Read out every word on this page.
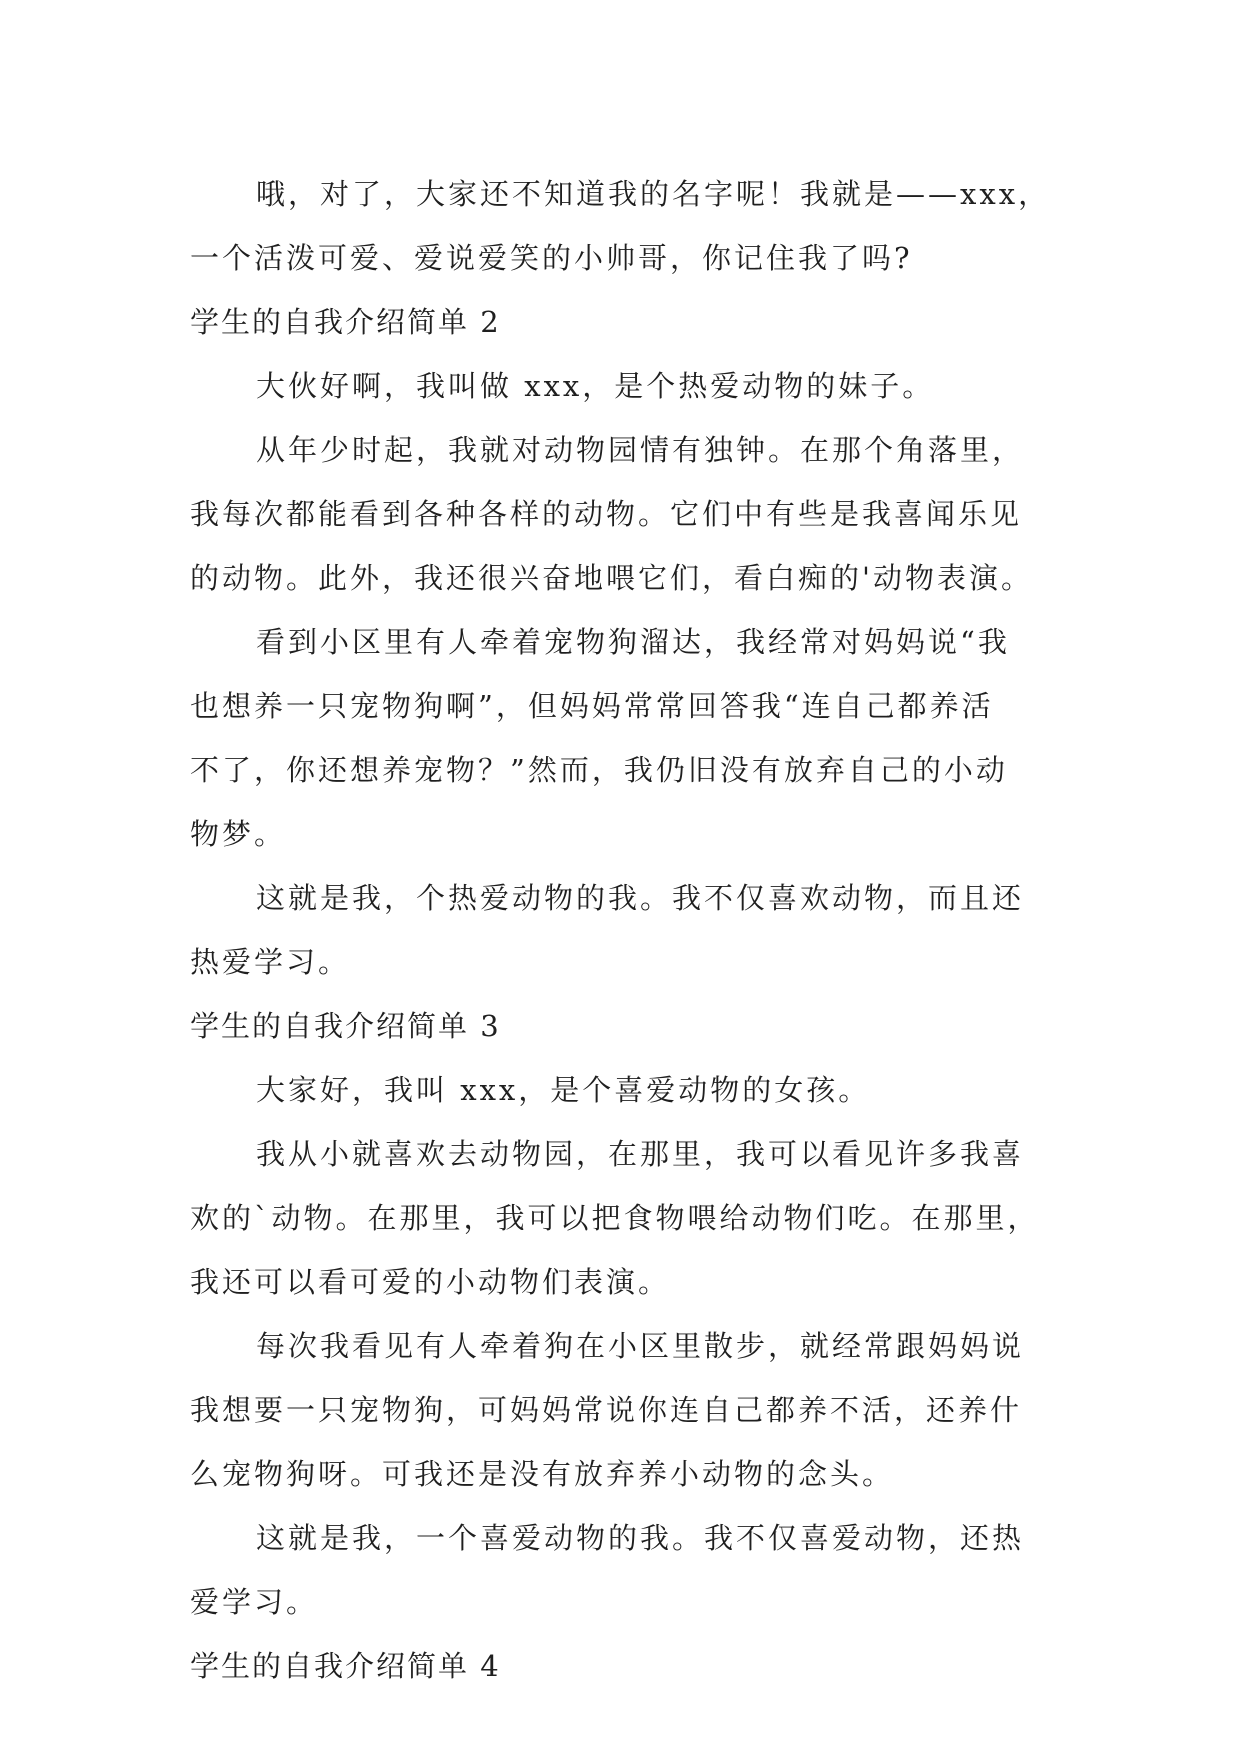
哦，对了，大家还不知道我的名字呢！我就是——xxx，
一个活泼可爱、爱说爱笑的小帅哥，你记住我了吗?
学生的自我介绍简单 2
大伙好啊，我叫做 xxx，是个热爱动物的妹子。
从年少时起，我就对动物园情有独钟。在那个角落里，
我每次都能看到各种各样的动物。它们中有些是我喜闻乐见
的动物。此外，我还很兴奋地喂它们，看白痴的'动物表演。
看到小区里有人牵着宠物狗溜达，我经常对妈妈说“我
也想养一只宠物狗啊”，但妈妈常常回答我“连自己都养活
不了，你还想养宠物？”然而，我仍旧没有放弃自己的小动
物梦。
这就是我，个热爱动物的我。我不仅喜欢动物，而且还
热爱学习。
学生的自我介绍简单 3
大家好，我叫 xxx，是个喜爱动物的女孩。
我从小就喜欢去动物园，在那里，我可以看见许多我喜
欢的`动物。在那里，我可以把食物喂给动物们吃。在那里，
我还可以看可爱的小动物们表演。
每次我看见有人牵着狗在小区里散步，就经常跟妈妈说
我想要一只宠物狗，可妈妈常说你连自己都养不活，还养什
么宠物狗呀。可我还是没有放弃养小动物的念头。
这就是我，一个喜爱动物的我。我不仅喜爱动物，还热
爱学习。
学生的自我介绍简单 4
